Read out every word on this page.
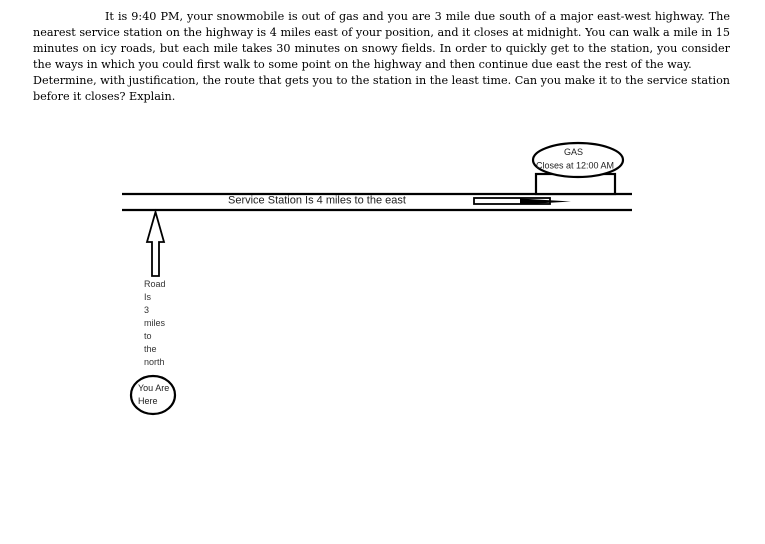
It is 9:40 PM, your snowmobile is out of gas and you are 3 mile due south of a major east-west highway. The nearest service station on the highway is 4 miles east of your position, and it closes at midnight. You can walk a mile in 15 minutes on icy roads, but each mile takes 30 minutes on snowy fields. In order to quickly get to the station, you consider the ways in which you could first walk to some point on the highway and then continue due east the rest of the way.

Determine, with justification, the route that gets you to the station in the least time. Can you make it to the service station before it closes? Explain.

Service Station Is 4 miles to the east
GAS
Closes at 12:00 AM
Road
Is
3
miles
to
the
north
You Are
Here
